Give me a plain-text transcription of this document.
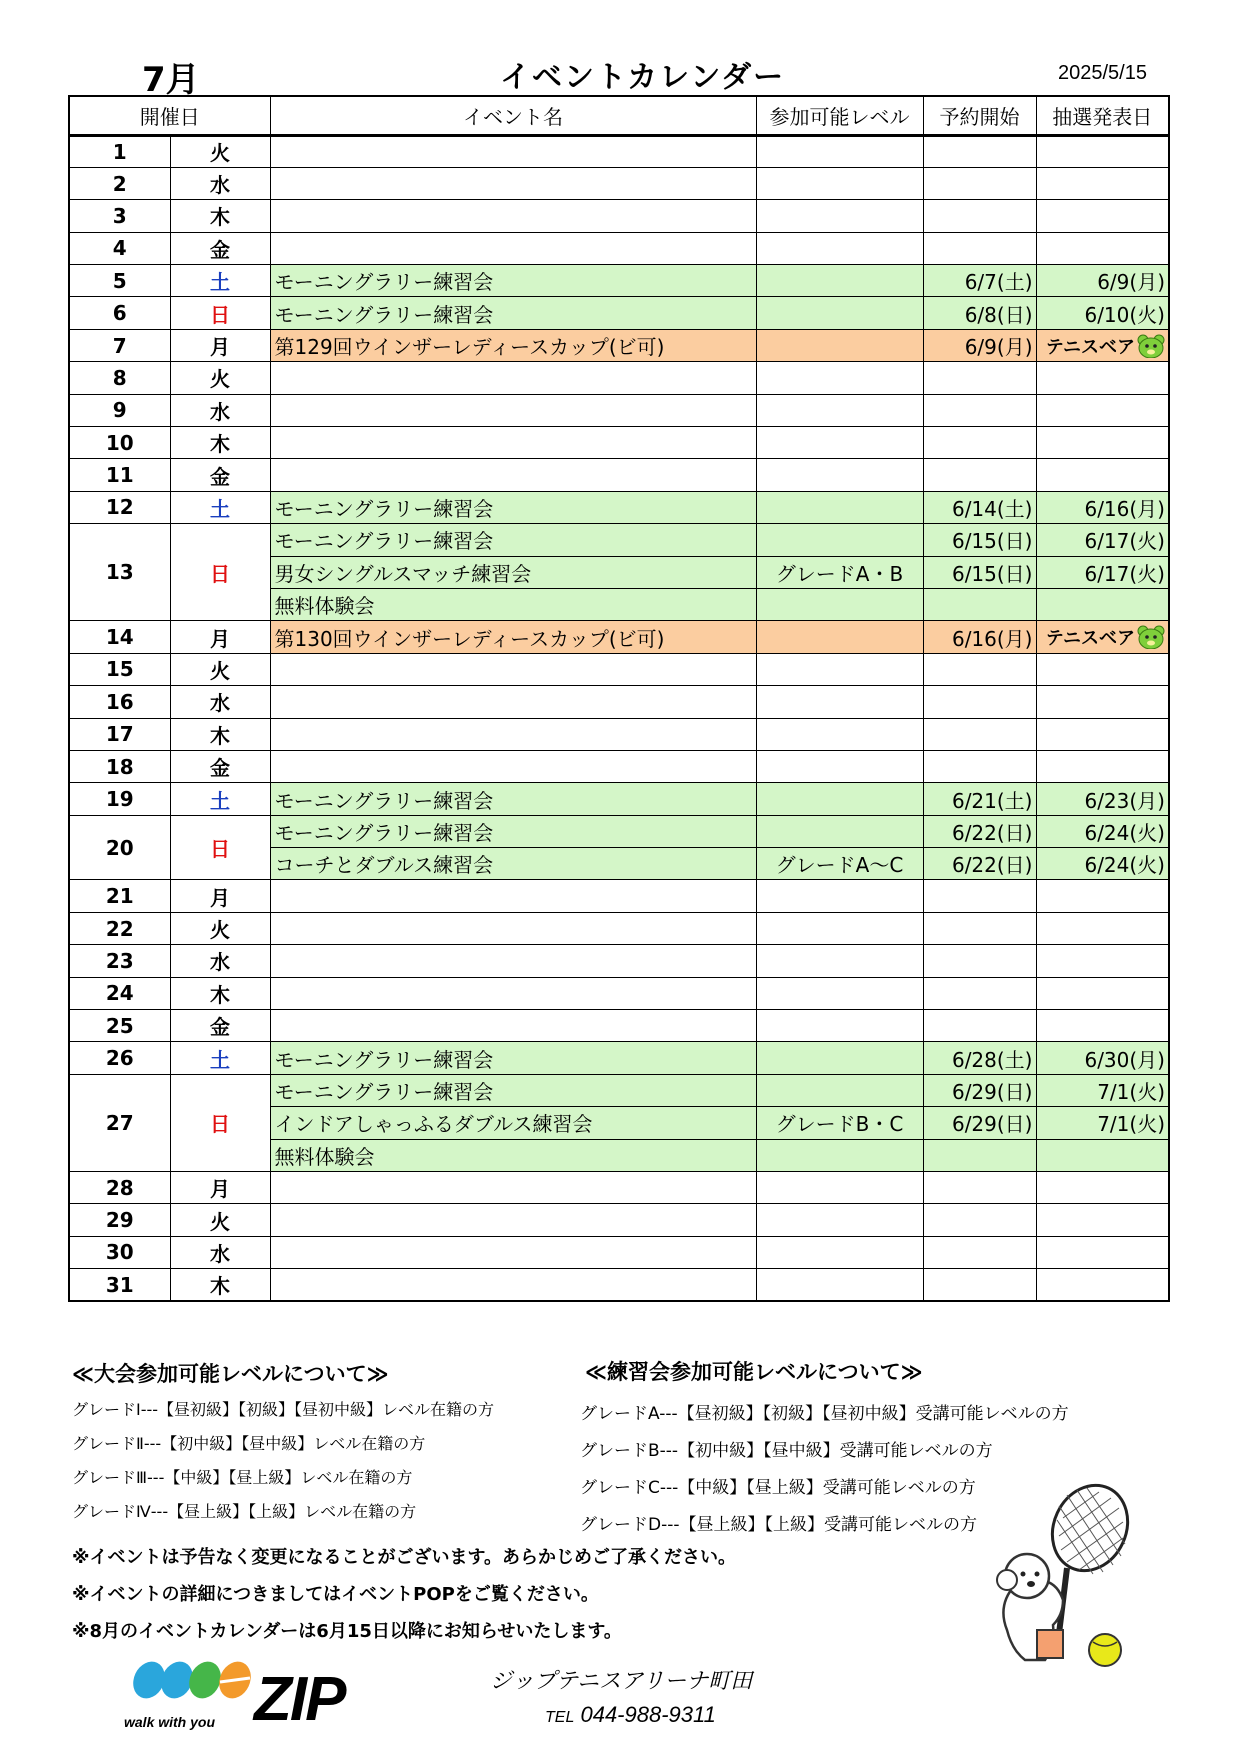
7月	イベントカレンダー	2025/5/15
開催日		イベント名	参加可能レベル	予約開始	抽選発表日
1	火				
2	水				
3	木				
4	金				
5	土	モーニングラリー練習会		6/7(土)	6/9(月)
6	日	モーニングラリー練習会		6/8(日)	6/10(火)
7	月	第129回ウインザーレディースカップ(ビ可)		6/9(月)	テニスベア

8	火				
9	水				
10	木				
11	金				
12	土	モーニングラリー練習会		6/14(土)	6/16(月)
13	日	モーニングラリー練習会		6/15(日)	6/17(火)
		男女シングルスマッチ練習会	グレードA・B	6/15(日)	6/17(火)
		無料体験会			
14	月	第130回ウインザーレディースカップ(ビ可)		6/16(月)	テニスベア

15	火				
16	水				
17	木				
18	金				
19	土	モーニングラリー練習会		6/21(土)	6/23(月)
20	日	モーニングラリー練習会		6/22(日)	6/24(火)
		コーチとダブルス練習会	グレードA～C	6/22(日)	6/24(火)
21	月				
22	火				
23	水				
24	木				
25	金				
26	土	モーニングラリー練習会		6/28(土)	6/30(月)
27	日	モーニングラリー練習会		6/29(日)	7/1(火)
		インドアしゃっふるダブルス練習会	グレードB・C	6/29(日)	7/1(火)
		無料体験会			
28	月				
29	火				
30	水				
31	木				
≪大会参加可能レベルについて≫
グレードⅠ---【昼初級】【初級】【昼初中級】レベル在籍の方
グレードⅡ---【初中級】【昼中級】レベル在籍の方
グレードⅢ---【中級】【昼上級】レベル在籍の方
グレードⅣ---【昼上級】【上級】レベル在籍の方
≪練習会参加可能レベルについて≫
グレードA---【昼初級】【初級】【昼初中級】受講可能レベルの方
グレードB---【初中級】【昼中級】受講可能レベルの方
グレードC---【中級】【昼上級】受講可能レベルの方
グレードD---【昼上級】【上級】受講可能レベルの方
※イベントは予告なく変更になることがございます。あらかじめご了承ください。
※イベントの詳細につきましてはイベントPOPをご覧ください。
※8月のイベントカレンダーは6月15日以降にお知らせいたします。
walk with you ZIP	ジップテニスアリーナ町田
TEL 044-988-9311
